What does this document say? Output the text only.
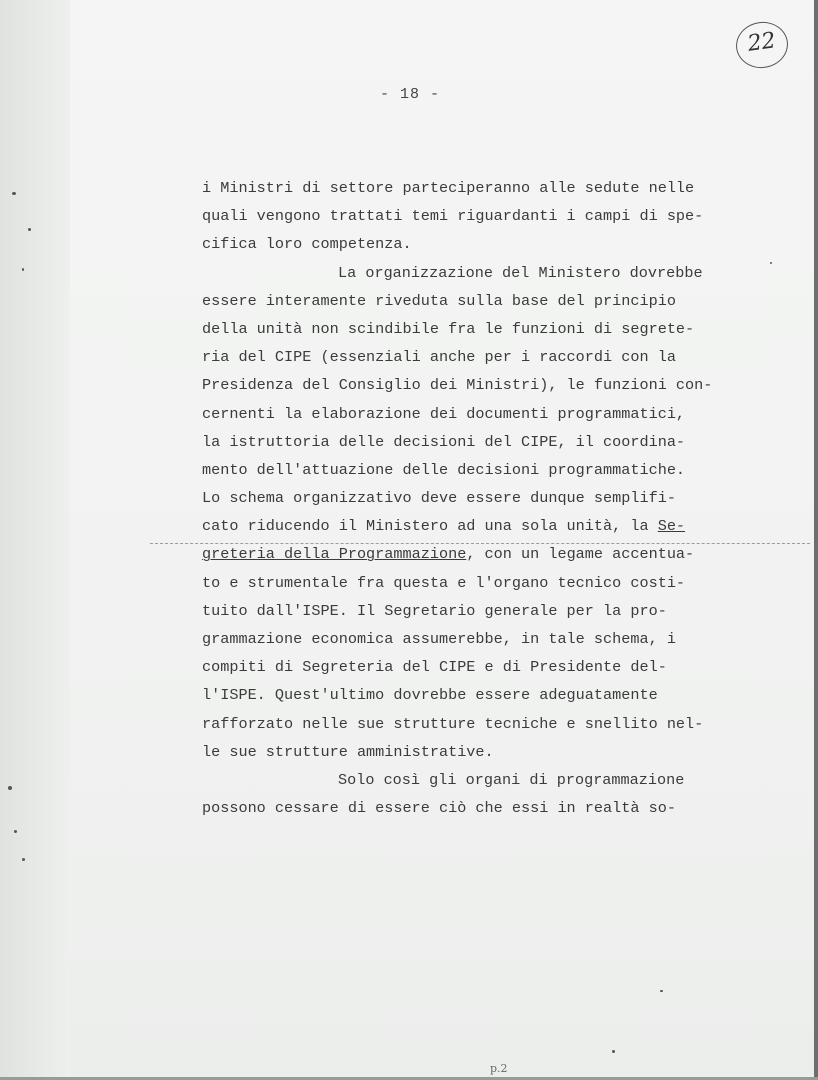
22
- 18 -
i Ministri di settore parteciperanno alle sedute nelle
quali vengono trattati temi riguardanti i campi di spe-
cifica loro competenza.
La organizzazione del Ministero dovrebbe
essere interamente riveduta sulla base del principio
della unità non scindibile fra le funzioni di segrete-
ria del CIPE (essenziali anche per i raccordi con la
Presidenza del Consiglio dei Ministri), le funzioni con-
cernenti la elaborazione dei documenti programmatici,
la istruttoria delle decisioni del CIPE, il coordina-
mento dell'attuazione delle decisioni programmatiche.
Lo schema organizzativo deve essere dunque semplifi-
cato riducendo il Ministero ad una sola unità, la Se-
greteria della Programmazione, con un legame accentua-
to e strumentale fra questa e l'organo tecnico costi-
tuito dall'ISPE. Il Segretario generale per la pro-
grammazione economica assumerebbe, in tale schema, i
compiti di Segreteria del CIPE e di Presidente del-
l'ISPE. Quest'ultimo dovrebbe essere adeguatamente
rafforzato nelle sue strutture tecniche e snellito nel-
le sue strutture amministrative.
Solo così gli organi di programmazione
possono cessare di essere ciò che essi in realtà so-
p.2
